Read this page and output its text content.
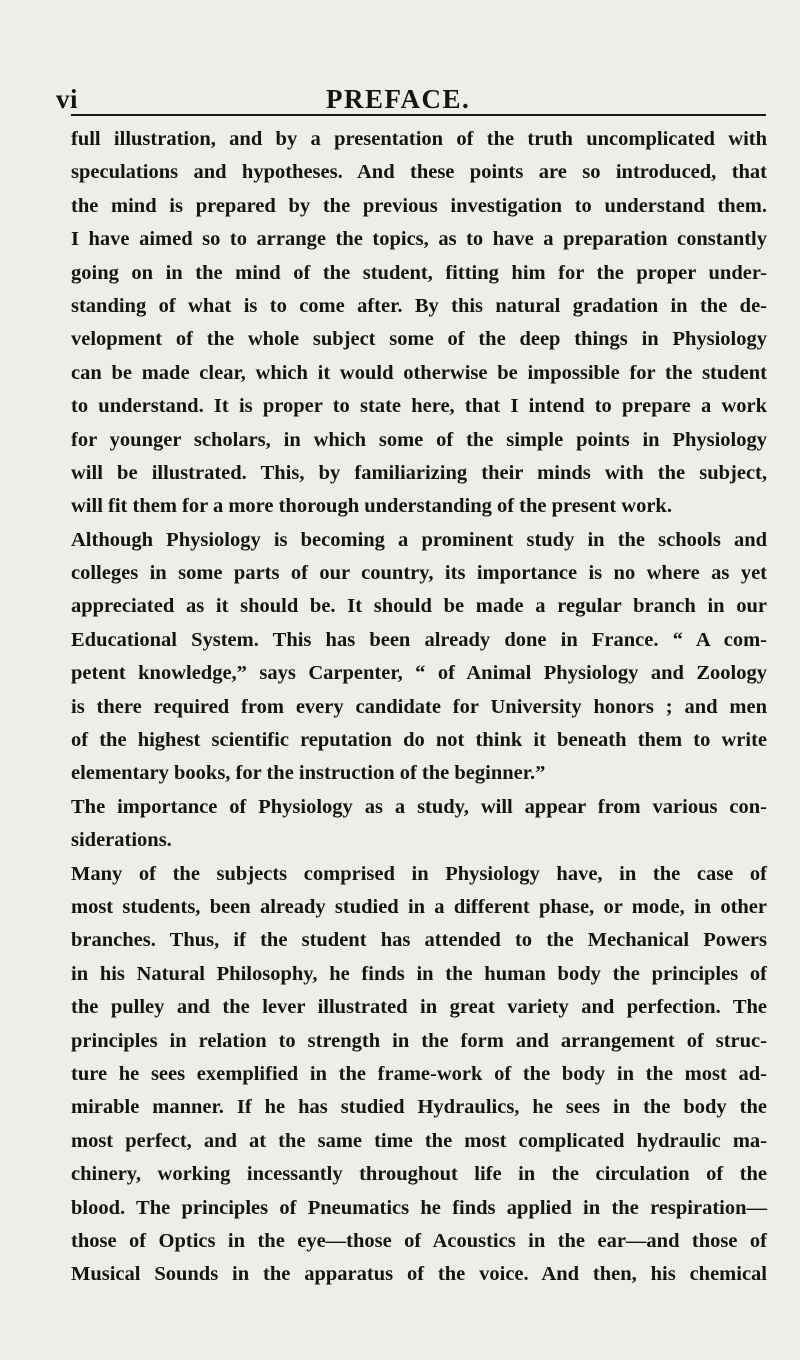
vi	PREFACE.
full illustration, and by a presentation of the truth uncomplicated with
speculations and hypotheses. And these points are so introduced, that
the mind is prepared by the previous investigation to understand them.
I have aimed so to arrange the topics, as to have a preparation constantly
going on in the mind of the student, fitting him for the proper under-
standing of what is to come after. By this natural gradation in the de-
velopment of the whole subject some of the deep things in Physiology
can be made clear, which it would otherwise be impossible for the student
to understand. It is proper to state here, that I intend to prepare a work
for younger scholars, in which some of the simple points in Physiology
will be illustrated. This, by familiarizing their minds with the subject,
will fit them for a more thorough understanding of the present work.
Although Physiology is becoming a prominent study in the schools and
colleges in some parts of our country, its importance is no where as yet
appreciated as it should be. It should be made a regular branch in our
Educational System. This has been already done in France. “ A com-
petent knowledge,” says Carpenter, “ of Animal Physiology and Zoology
is there required from every candidate for University honors ; and men
of the highest scientific reputation do not think it beneath them to write
elementary books, for the instruction of the beginner.”
The importance of Physiology as a study, will appear from various con-
siderations.
Many of the subjects comprised in Physiology have, in the case of
most students, been already studied in a different phase, or mode, in other
branches. Thus, if the student has attended to the Mechanical Powers
in his Natural Philosophy, he finds in the human body the principles of
the pulley and the lever illustrated in great variety and perfection. The
principles in relation to strength in the form and arrangement of struc-
ture he sees exemplified in the frame-work of the body in the most ad-
mirable manner. If he has studied Hydraulics, he sees in the body the
most perfect, and at the same time the most complicated hydraulic ma-
chinery, working incessantly throughout life in the circulation of the
blood. The principles of Pneumatics he finds applied in the respiration—
those of Optics in the eye—those of Acoustics in the ear—and those of
Musical Sounds in the apparatus of the voice. And then, his chemical
